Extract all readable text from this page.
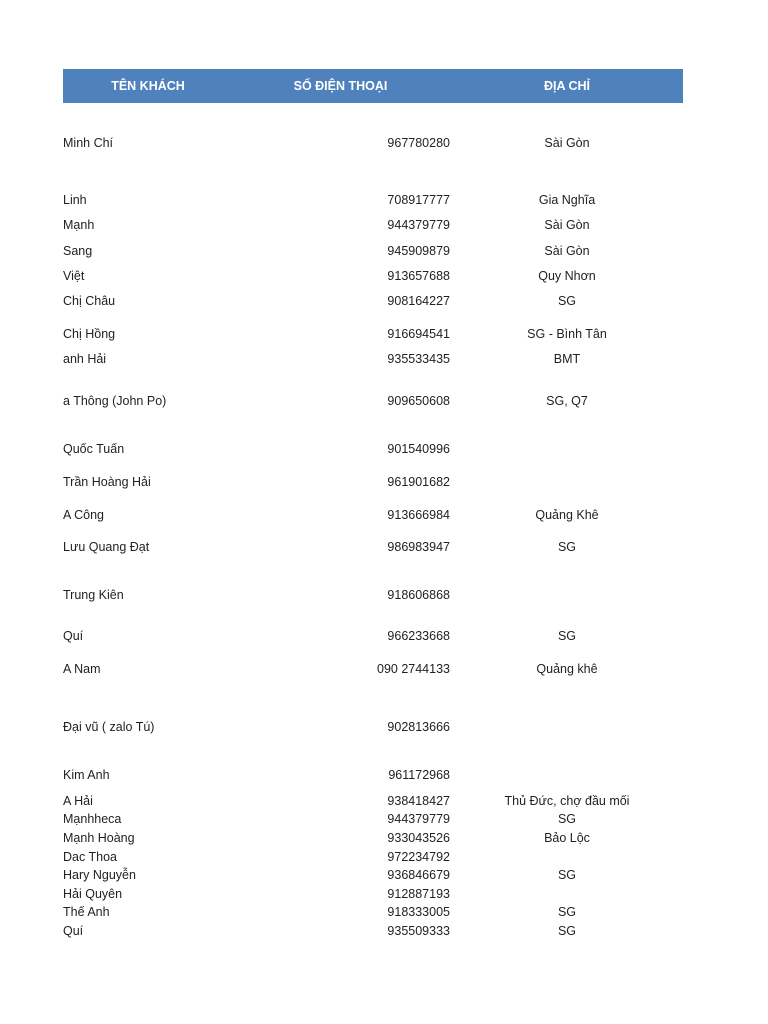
TÊN KHÁCH	SỐ ĐIỆN THOẠI	ĐỊA CHỈ
Minh Chí	967780280	Sài Gòn
Linh	708917777	Gia Nghĩa
Mạnh	944379779	Sài Gòn
Sang	945909879	Sài Gòn
Việt	913657688	Quy Nhơn
Chị Châu	908164227	SG
Chị Hồng	916694541	SG - Bình Tân
anh Hải	935533435	BMT
a Thông (John Po)	909650608	SG, Q7
Quốc Tuấn	901540996
Trần Hoàng Hải	961901682
A Công	913666984	Quảng Khê
Lưu Quang Đạt	986983947	SG
Trung Kiên	918606868
Quí	966233668	SG
A Nam	090 2744133	Quảng khê
Đại vũ ( zalo Tú)	902813666
Kim Anh	961172968
A Hải	938418427	Thủ Đức, chợ đầu mối
Mạnhheca	944379779	SG
Mạnh Hoàng	933043526	Bảo Lộc
Dac Thoa	972234792
Hary Nguyễn	936846679	SG
Hải Quyên	912887193
Thế Anh	918333005	SG
Quí	935509333	SG
